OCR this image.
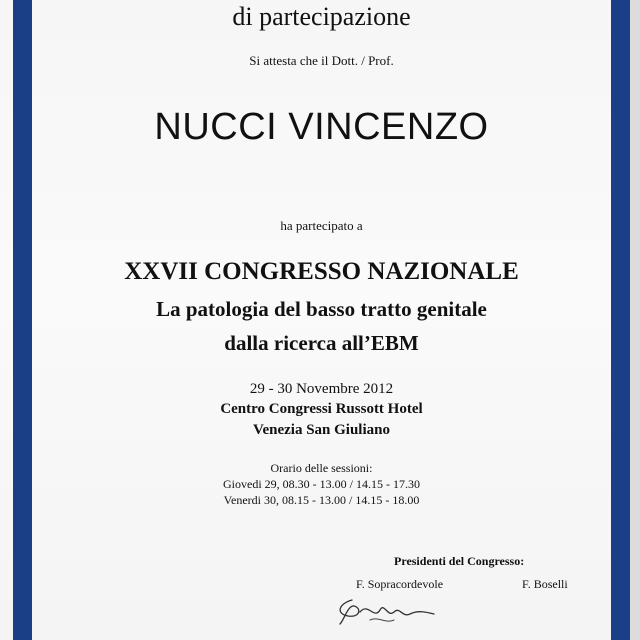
di partecipazione
Si attesta che il Dott. / Prof.
NUCCI VINCENZO
ha partecipato a
XXVII CONGRESSO NAZIONALE
La patologia del basso tratto genitale
dalla ricerca all’EBM
29 - 30 Novembre 2012
Centro Congressi Russott Hotel
Venezia San Giuliano
Orario delle sessioni:
Giovedi 29, 08.30 - 13.00 / 14.15 - 17.30
Venerdi 30, 08.15 - 13.00 / 14.15 - 18.00
Presidenti del Congresso:
F. Sopracordevole	F. Boselli
